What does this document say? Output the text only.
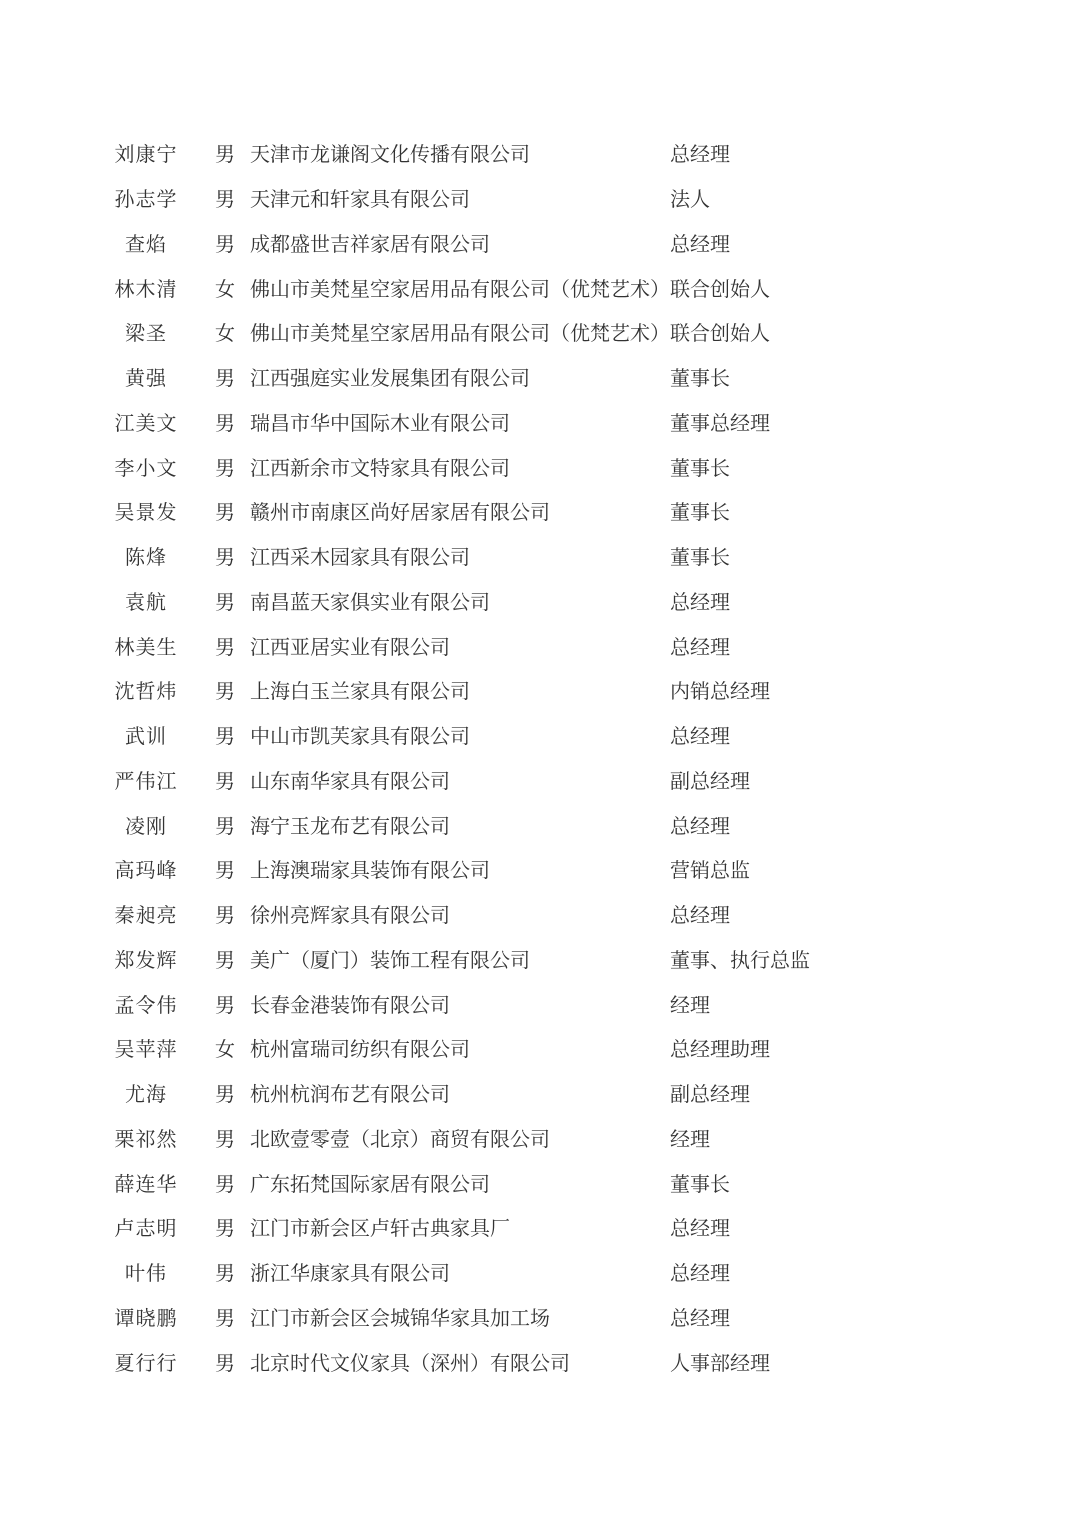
刘康宁 男 天津市龙谦阁文化传播有限公司	总经理
孙志学 男 天津元和轩家具有限公司	法人
查焰	男 成都盛世吉祥家居有限公司	总经理
林木清 女 佛山市美梵星空家居用品有限公司（优梵艺术） 联合创始人
梁圣	女 佛山市美梵星空家居用品有限公司（优梵艺术） 联合创始人
黄强	男 江西强庭实业发展集团有限公司	董事长
江美文 男 瑞昌市华中国际木业有限公司	董事总经理
李小文 男 江西新余市文特家具有限公司	董事长
吴景发 男 赣州市南康区尚好居家居有限公司	董事长
陈烽	男 江西采木园家具有限公司	董事长
袁航	男 南昌蓝天家俱实业有限公司	总经理
林美生 男 江西亚居实业有限公司	总经理
沈哲炜 男 上海白玉兰家具有限公司	内销总经理
武训	男 中山市凯芙家具有限公司	总经理
严伟江 男 山东南华家具有限公司	副总经理
凌刚	男 海宁玉龙布艺有限公司	总经理
高玛峰 男 上海澳瑞家具装饰有限公司	营销总监
秦昶亮 男 徐州亮辉家具有限公司	总经理
郑发辉 男 美广（厦门）装饰工程有限公司	董事、执行总监
孟令伟 男 长春金港装饰有限公司	经理
吴苹萍 女 杭州富瑞司纺织有限公司	总经理助理
尤海	男 杭州杭润布艺有限公司	副总经理
栗祁然 男 北欧壹零壹（北京）商贸有限公司	经理
薛连华 男 广东拓梵国际家居有限公司	董事长
卢志明 男 江门市新会区卢轩古典家具厂	总经理
叶伟	男 浙江华康家具有限公司	总经理
谭晓鹏 男 江门市新会区会城锦华家具加工场	总经理
夏行行 男 北京时代文仪家具（深州）有限公司	人事部经理
